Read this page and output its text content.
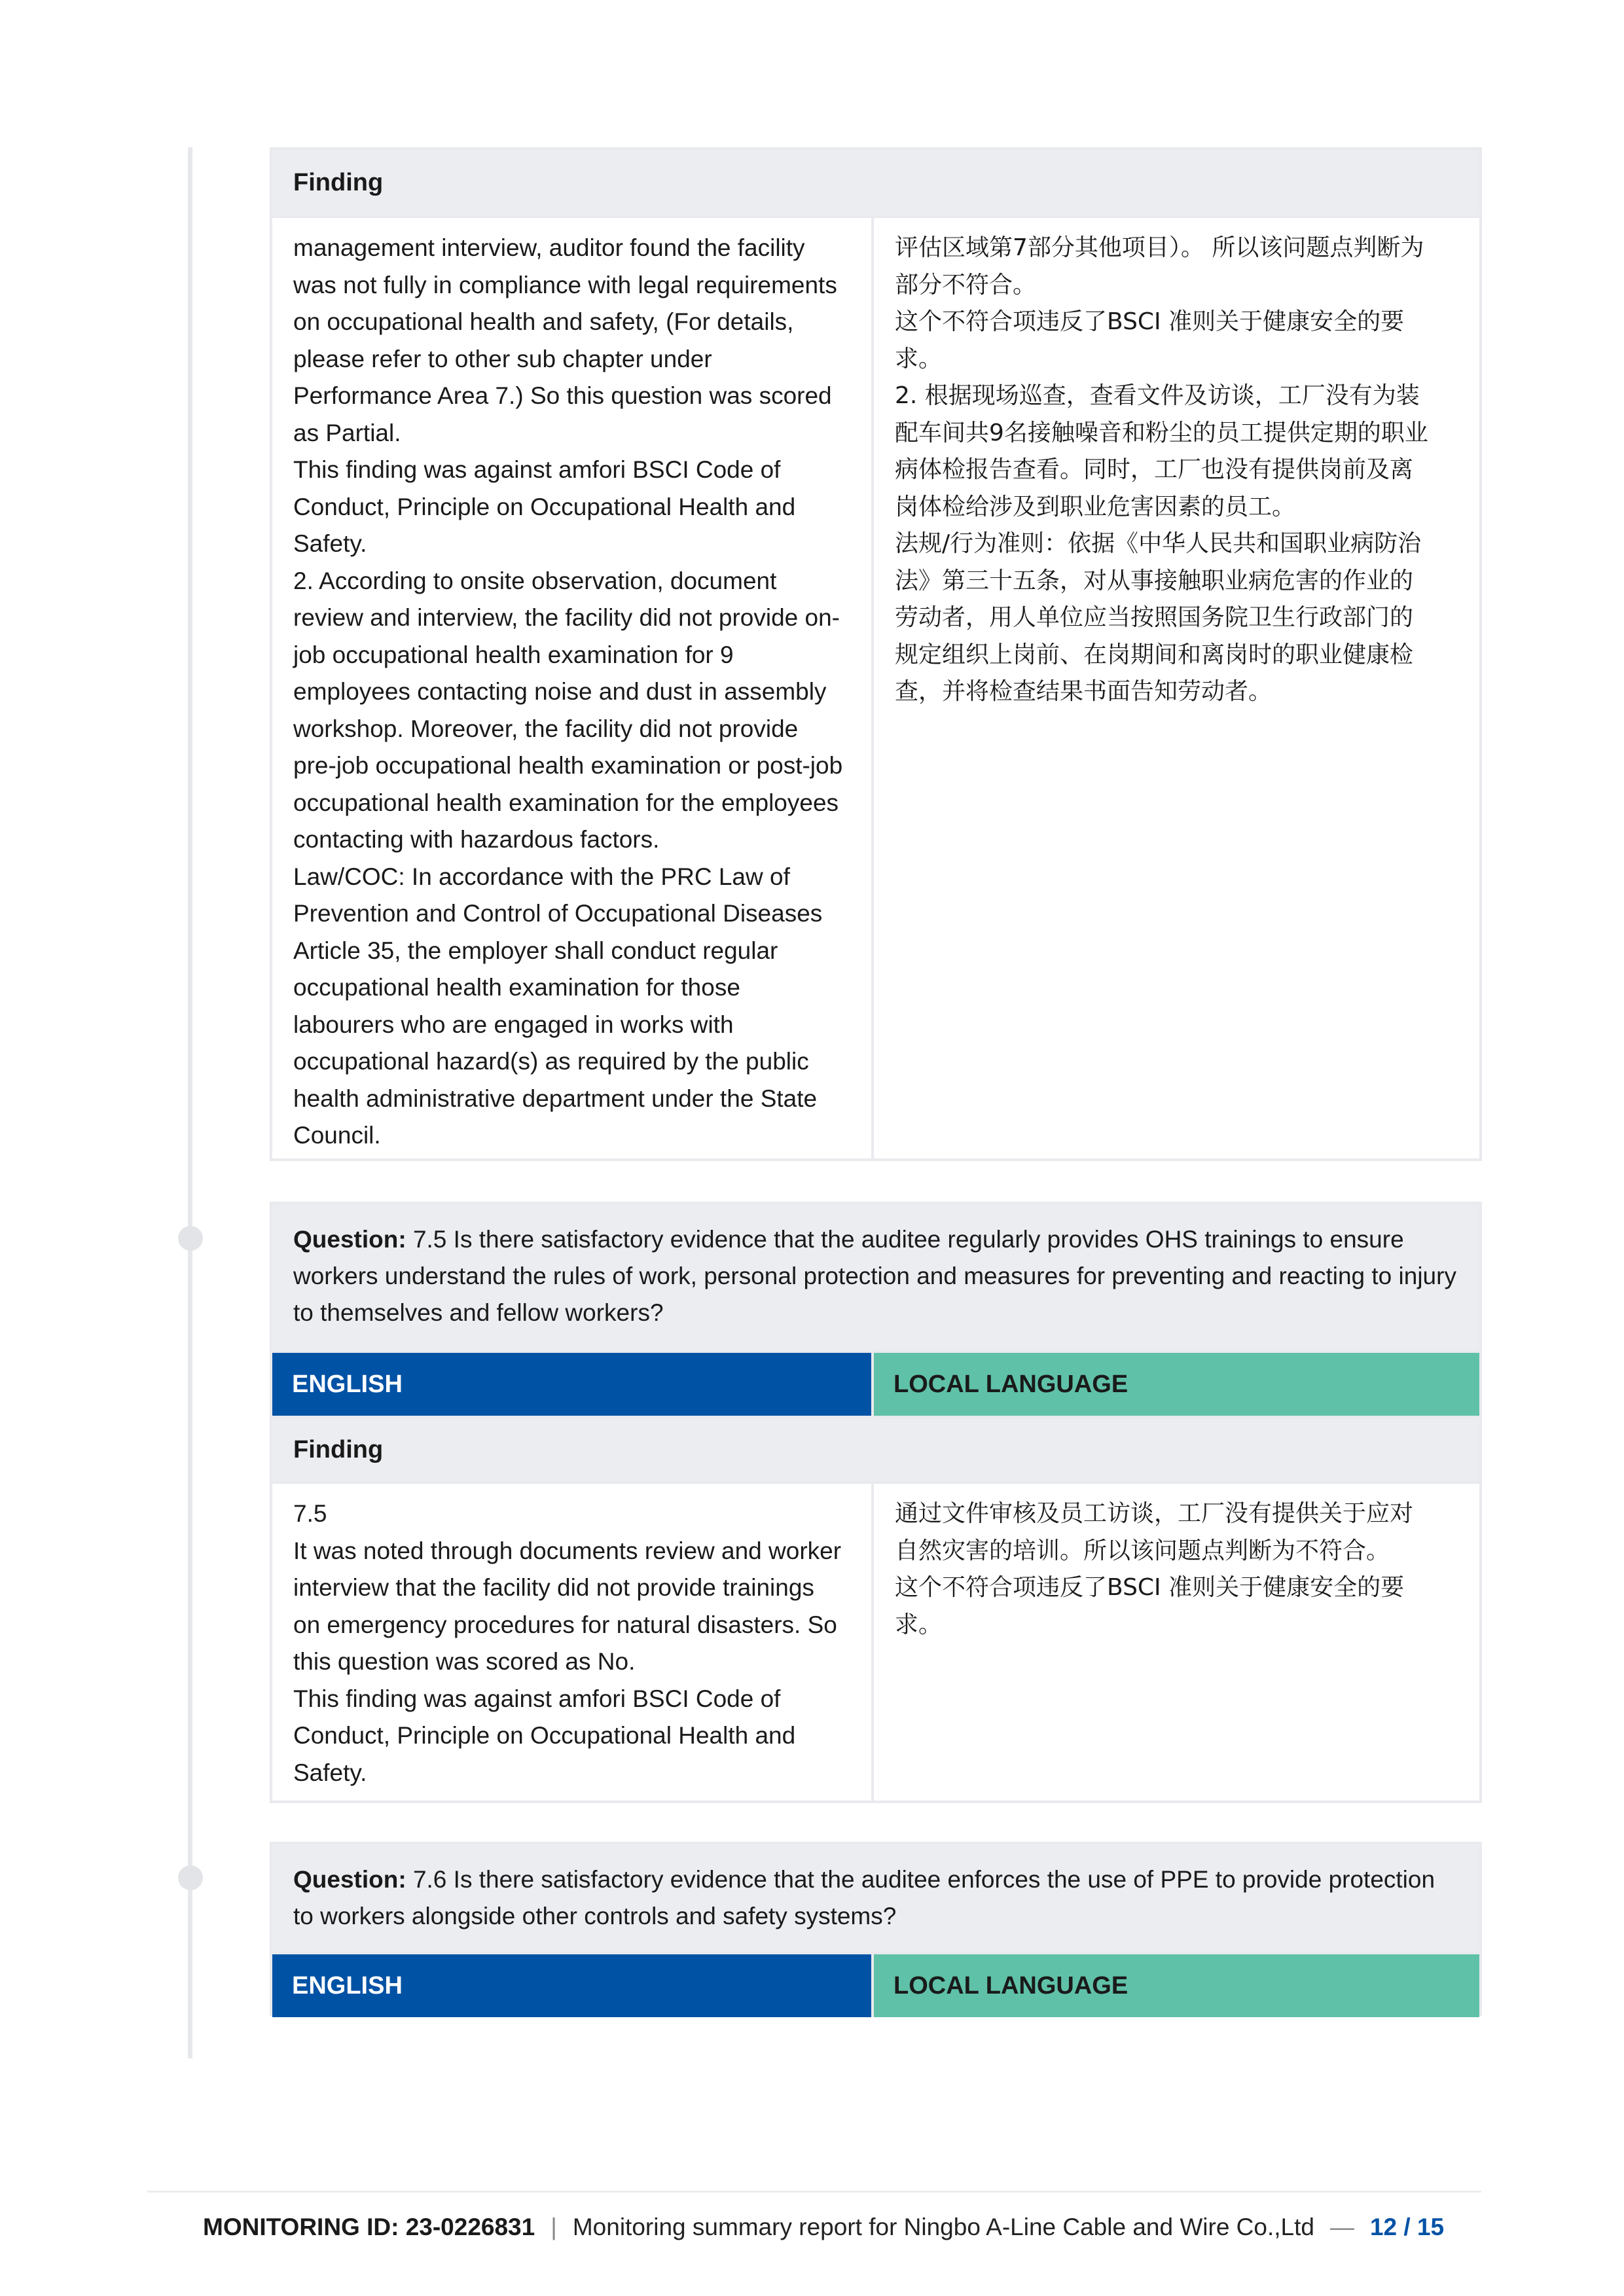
Finding

management interview, auditor found the facility

was not fully in compliance with legal requirements

on occupational health and safety, (For details,

please refer to other sub chapter under

Performance Area 7.) So this question was scored

as Partial.

This finding was against amfori BSCI Code of

Conduct, Principle on Occupational Health and

Safety.

2. According to onsite observation, document

review and interview, the facility did not provide on-

job occupational health examination for 9

employees contacting noise and dust in assembly

workshop. Moreover, the facility did not provide

pre-job occupational health examination or post-job

occupational health examination for the employees

contacting with hazardous factors.

Law/COC: In accordance with the PRC Law of

Prevention and Control of Occupational Diseases

Article 35, the employer shall conduct regular

occupational health examination for those

labourers who are engaged in works with

occupational hazard(s) as required by the public

health administrative department under the State

Council.

评估区域第7部分其他项目）。 所以该问题点判断为

部分不符合。

这个不符合项违反了BSCI 准则关于健康安全的要

求。

2. 根据现场巡查，查看文件及访谈，工厂没有为装

配车间共9名接触噪音和粉尘的员工提供定期的职业

病体检报告查看。同时，工厂也没有提供岗前及离

岗体检给涉及到职业危害因素的员工。

法规/行为准则：依据《中华人民共和国职业病防治

法》第三十五条，对从事接触职业病危害的作业的

劳动者，用人单位应当按照国务院卫生行政部门的

规定组织上岗前、在岗期间和离岗时的职业健康检

查，并将检查结果书面告知劳动者。

Question: 7.5 Is there satisfactory evidence that the auditee regularly provides OHS trainings to ensure workers understand the rules of work, personal protection and measures for preventing and reacting to injury to themselves and fellow workers?
ENGLISH	LOCAL LANGUAGE
Finding

7.5

It was noted through documents review and worker

interview that the facility did not provide trainings

on emergency procedures for natural disasters. So

this question was scored as No.

This finding was against amfori BSCI Code of

Conduct, Principle on Occupational Health and

Safety.

通过文件审核及员工访谈，工厂没有提供关于应对

自然灾害的培训。所以该问题点判断为不符合。

这个不符合项违反了BSCI 准则关于健康安全的要

求。

Question: 7.6 Is there satisfactory evidence that the auditee enforces the use of PPE to provide protection to workers alongside other controls and safety systems?
ENGLISH	LOCAL LANGUAGE
MONITORING ID: 23-0226831 | Monitoring summary report for Ningbo A-Line Cable and Wire Co.,Ltd — 12 / 15
